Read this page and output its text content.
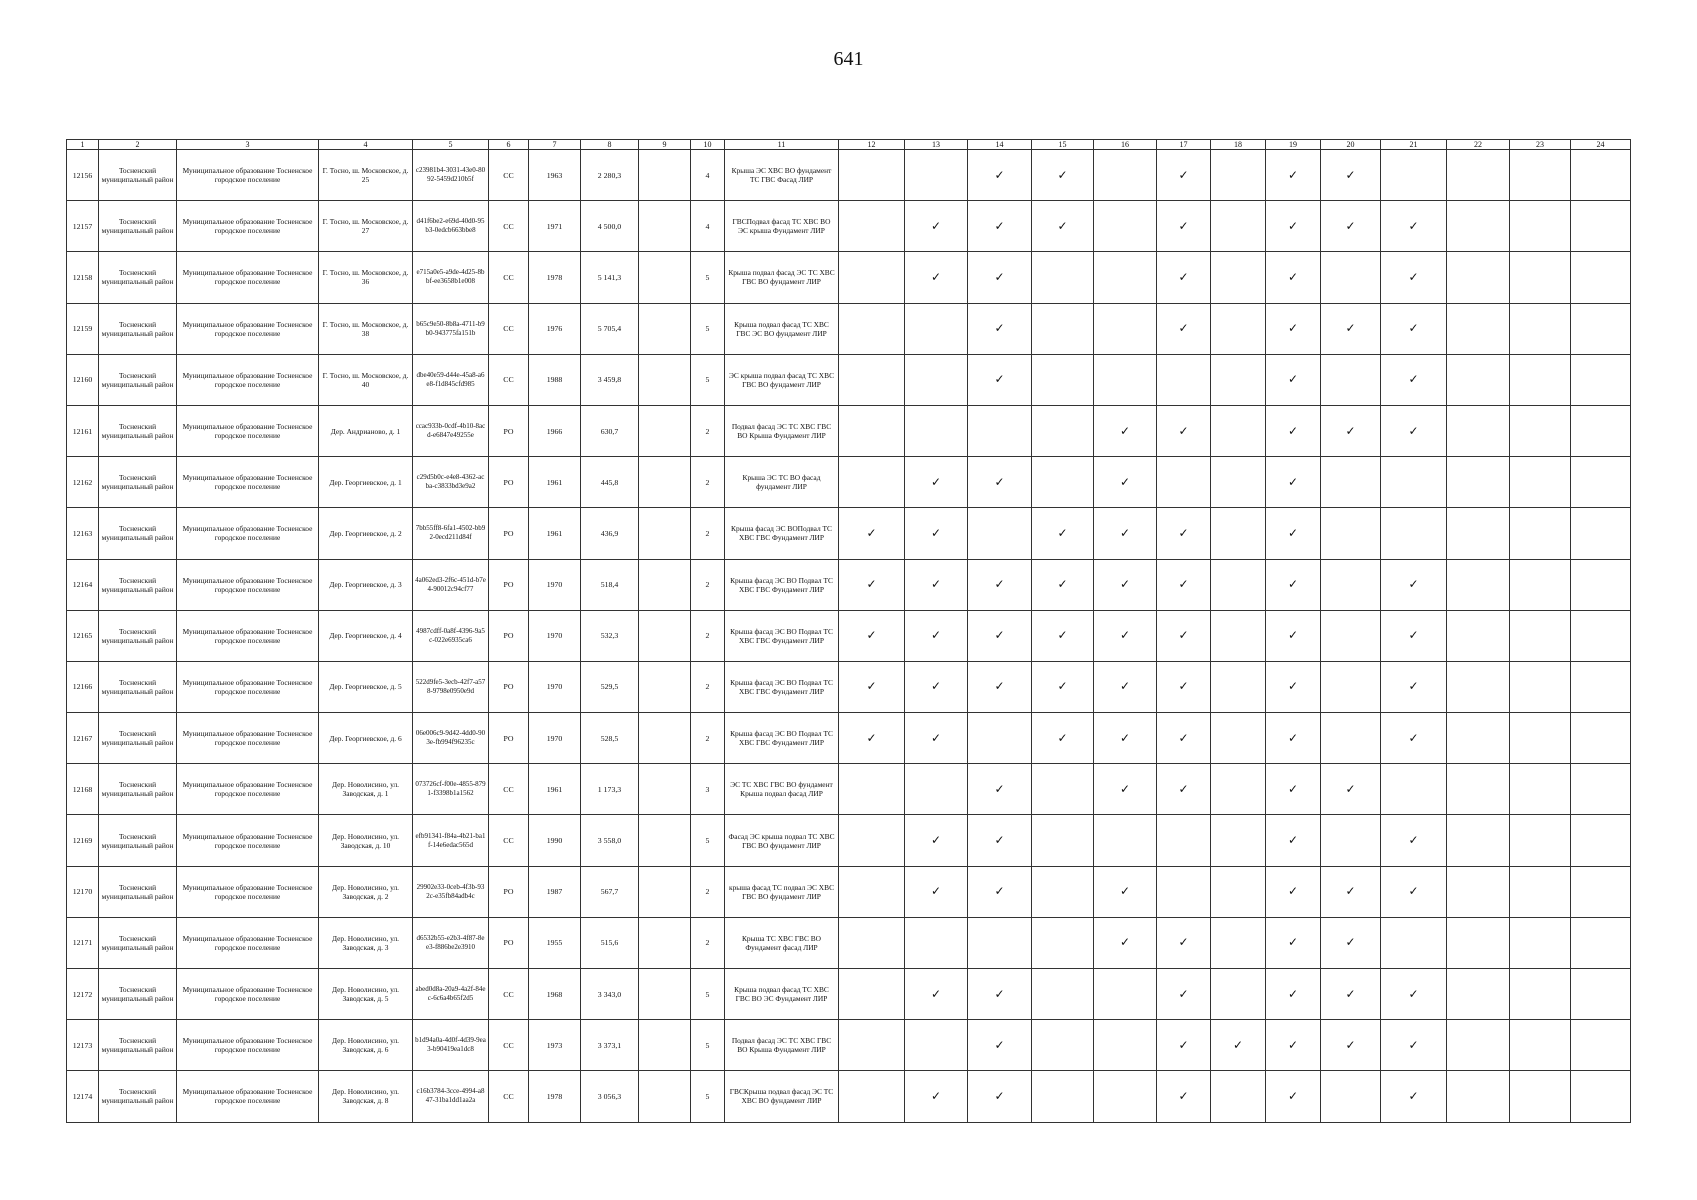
641
1	2	3	4	5	6	7	8	9	10	11	12	13	14	15	16	17	18	19	20	21	22	23	24
12156	Тосненский муниципальный район	Муниципальное образование Тосненское городское поселение	Г. Тосно, ш. Московское, д. 25	c23981b4-3031-43e0-8092-5459d210b5f	СС	1963	2 280,3		4	Крыша ЭС ХВС ВО фундамент ТС ГВС Фасад ЛИР			✓	✓		✓		✓	✓				
12157	Тосненский муниципальный район	Муниципальное образование Тосненское городское поселение	Г. Тосно, ш. Московское, д. 27	d41f6be2-e69d-40d0-95b3-0edcb663bbe8	СС	1971	4 500,0		4	ГВСПодвал фасад ТС ХВС ВО ЭС крыша Фундамент ЛИР		✓	✓	✓		✓		✓	✓	✓			
12158	Тосненский муниципальный район	Муниципальное образование Тосненское городское поселение	Г. Тосно, ш. Московское, д. 36	e715a0e5-a9de-4d25-8bbf-ee3658b1e008	СС	1978	5 141,3		5	Крыша подвал фасад ЭС ТС ХВС ГВС ВО фундамент ЛИР		✓	✓			✓		✓		✓			
12159	Тосненский муниципальный район	Муниципальное образование Тосненское городское поселение	Г. Тосно, ш. Московское, д. 38	b65c9e50-8b8a-4711-b9b0-943775fa151b	СС	1976	5 705,4		5	Крыша подвал фасад ТС ХВС ГВС ЭС ВО фундамент ЛИР			✓			✓		✓	✓	✓			
12160	Тосненский муниципальный район	Муниципальное образование Тосненское городское поселение	Г. Тосно, ш. Московское, д. 40	dbe40e59-d44e-45a8-a6e8-f1d845cfd985	СС	1988	3 459,8		5	ЭС крыша подвал фасад ТС ХВС ГВС ВО фундамент ЛИР			✓					✓		✓			
12161	Тосненский муниципальный район	Муниципальное образование Тосненское городское поселение	Дер. Андрианово, д. 1	ccac933b-0cdf-4b10-8acd-e6847e49255e	РО	1966	630,7		2	Подвал фасад ЭС ТС ХВС ГВС ВО Крыша Фундамент ЛИР					✓	✓		✓	✓	✓			
12162	Тосненский муниципальный район	Муниципальное образование Тосненское городское поселение	Дер. Георгиевское, д. 1	c29d5b0c-e4e8-4362-acba-c3833bd3e9a2	РО	1961	445,8		2	Крыша ЭС ТС ВО фасад фундамент ЛИР		✓	✓		✓			✓					
12163	Тосненский муниципальный район	Муниципальное образование Тосненское городское поселение	Дер. Георгиевское, д. 2	7bb55ff8-6fa1-4502-bb92-0ecd211d84f	РО	1961	436,9		2	Крыша фасад ЭС ВОПодвал ТС ХВС ГВС Фундамент ЛИР	✓	✓		✓	✓	✓		✓					
12164	Тосненский муниципальный район	Муниципальное образование Тосненское городское поселение	Дер. Георгиевское, д. 3	4a062ed3-2f6c-451d-b7e4-90012c94cf77	РО	1970	518,4		2	Крыша фасад ЭС ВО Подвал ТС ХВС ГВС Фундамент ЛИР	✓	✓	✓	✓	✓	✓		✓		✓			
12165	Тосненский муниципальный район	Муниципальное образование Тосненское городское поселение	Дер. Георгиевское, д. 4	4987cdff-0a8f-4396-9a5c-022e6935ca6	РО	1970	532,3		2	Крыша фасад ЭС ВО Подвал ТС ХВС ГВС Фундамент ЛИР	✓	✓	✓	✓	✓	✓		✓		✓			
12166	Тосненский муниципальный район	Муниципальное образование Тосненское городское поселение	Дер. Георгиевское, д. 5	522d9fe5-3ecb-42f7-a578-9798e0950e9d	РО	1970	529,5		2	Крыша фасад ЭС ВО Подвал ТС ХВС ГВС Фундамент ЛИР	✓	✓	✓	✓	✓	✓		✓		✓			
12167	Тосненский муниципальный район	Муниципальное образование Тосненское городское поселение	Дер. Георгиевское, д. 6	06e006c9-9d42-4dd0-903e-fb994f96235c	РО	1970	528,5		2	Крыша фасад ЭС ВО Подвал ТС ХВС ГВС Фундамент ЛИР	✓	✓		✓	✓	✓		✓		✓			
12168	Тосненский муниципальный район	Муниципальное образование Тосненское городское поселение	Дер. Новолисино, ул. Заводская, д. 1	073726cf-f00e-4855-8791-f3398b1a1562	СС	1961	1 173,3		3	ЭС ТС ХВС ГВС ВО фундамент Крыша подвал фасад ЛИР			✓		✓	✓		✓	✓				
12169	Тосненский муниципальный район	Муниципальное образование Тосненское городское поселение	Дер. Новолисино, ул. Заводская, д. 10	efb91341-f84a-4b21-ba1f-14e6edac565d	СС	1990	3 558,0		5	Фасад ЭС крыша подвал ТС ХВС ГВС ВО фундамент ЛИР		✓	✓					✓		✓			
12170	Тосненский муниципальный район	Муниципальное образование Тосненское городское поселение	Дер. Новолисино, ул. Заводская, д. 2	29902e33-0ceb-4f3b-932c-e35fb84adb4c	РО	1987	567,7		2	крыша фасад ТС подвал ЭС ХВС ГВС ВО фундамент ЛИР		✓	✓		✓			✓	✓	✓			
12171	Тосненский муниципальный район	Муниципальное образование Тосненское городское поселение	Дер. Новолисино, ул. Заводская, д. 3	d6532b55-e2b3-4f87-8ee3-f886be2e3910	РО	1955	515,6		2	Крыша ТС ХВС ГВС ВО Фундамент фасад ЛИР					✓	✓		✓	✓				
12172	Тосненский муниципальный район	Муниципальное образование Тосненское городское поселение	Дер. Новолисино, ул. Заводская, д. 5	abed0d8a-20a9-4a2f-84ec-6c6a4b65f2d5	СС	1968	3 343,0		5	Крыша подвал фасад ТС ХВС ГВС ВО ЭС Фундамент ЛИР		✓	✓			✓		✓	✓	✓			
12173	Тосненский муниципальный район	Муниципальное образование Тосненское городское поселение	Дер. Новолисино, ул. Заводская, д. 6	b1d94a0a-4d0f-4d39-9ea3-b90419ea1dc8	СС	1973	3 373,1		5	Подвал фасад ЭС ТС ХВС ГВС ВО Крыша Фундамент ЛИР			✓			✓	✓	✓	✓	✓			
12174	Тосненский муниципальный район	Муниципальное образование Тосненское городское поселение	Дер. Новолисино, ул. Заводская, д. 8	c16b3784-3cce-4994-a847-31ba1dd1aa2a	СС	1978	3 056,3		5	ГВСКрыша подвал фасад ЭС ТС ХВС ВО фундамент ЛИР		✓	✓			✓		✓		✓			
